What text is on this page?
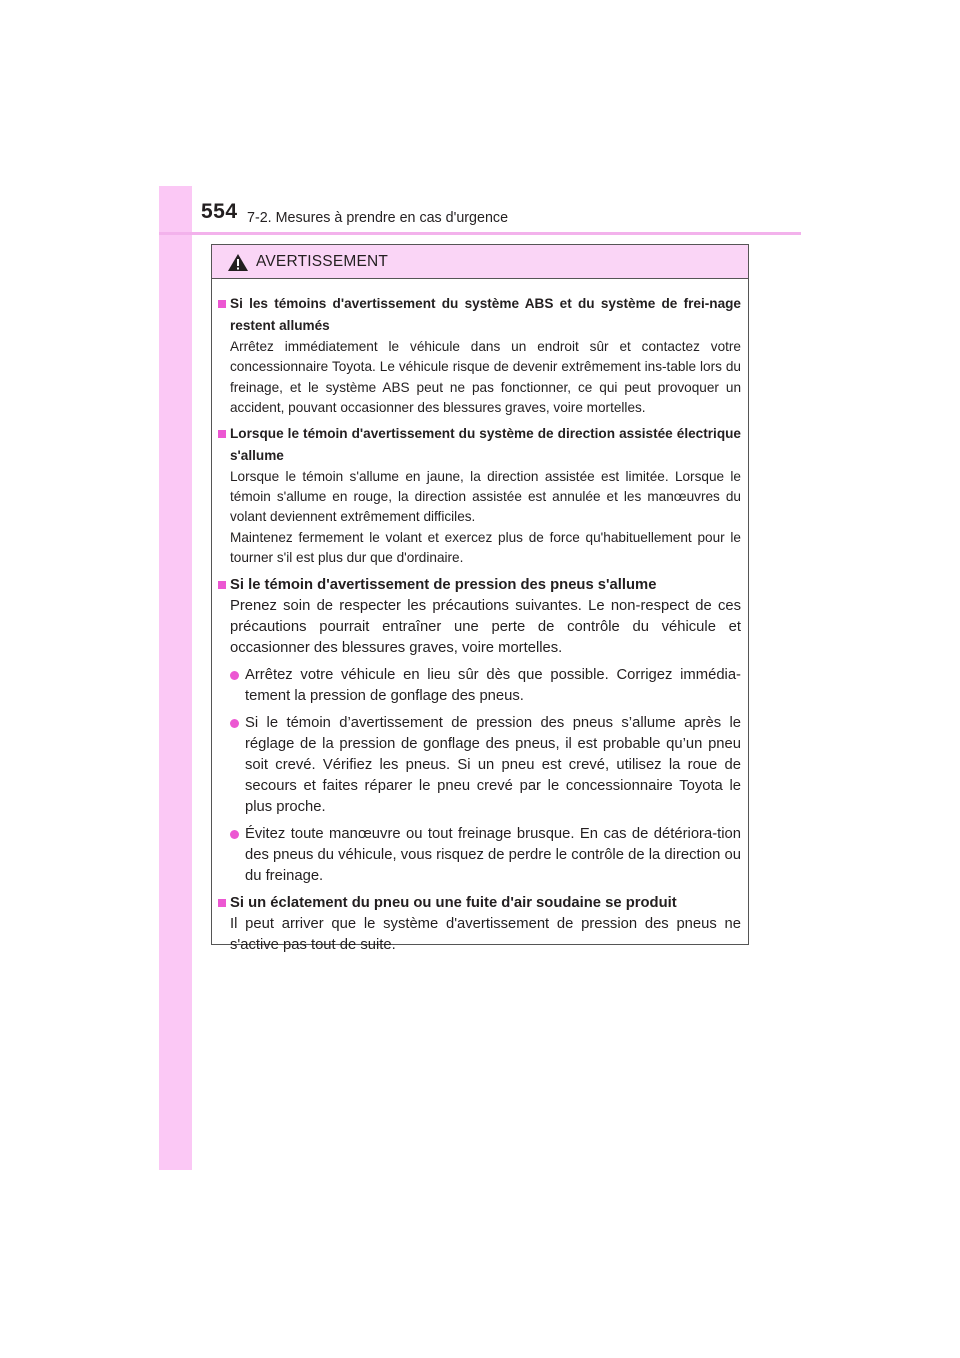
554 7-2. Mesures à prendre en cas d'urgence
AVERTISSEMENT
Si les témoins d'avertissement du système ABS et du système de frei-nage restent allumés

Arrêtez immédiatement le véhicule dans un endroit sûr et contactez votre concessionnaire Toyota. Le véhicule risque de devenir extrêmement ins-table lors du freinage, et le système ABS peut ne pas fonctionner, ce qui peut provoquer un accident, pouvant occasionner des blessures graves, voire mortelles.

Lorsque le témoin d'avertissement du système de direction assistée électrique s'allume

Lorsque le témoin s'allume en jaune, la direction assistée est limitée. Lorsque le témoin s'allume en rouge, la direction assistée est annulée et les manœuvres du volant deviennent extrêmement difficiles.

Maintenez fermement le volant et exercez plus de force qu'habituellement pour le tourner s'il est plus dur que d'ordinaire.

Si le témoin d'avertissement de pression des pneus s'allume

Prenez soin de respecter les précautions suivantes. Le non-respect de ces précautions pourrait entraîner une perte de contrôle du véhicule et occasionner des blessures graves, voire mortelles.

Arrêtez votre véhicule en lieu sûr dès que possible. Corrigez immédia-tement la pression de gonflage des pneus.
Si le témoin d’avertissement de pression des pneus s’allume après le réglage de la pression de gonflage des pneus, il est probable qu’un pneu soit crevé. Vérifiez les pneus. Si un pneu est crevé, utilisez la roue de secours et faites réparer le pneu crevé par le concessionnaire Toyota le plus proche.
Évitez toute manœuvre ou tout freinage brusque. En cas de détériora-tion des pneus du véhicule, vous risquez de perdre le contrôle de la direction ou du freinage.
Si un éclatement du pneu ou une fuite d'air soudaine se produit

Il peut arriver que le système d'avertissement de pression des pneus ne s'active pas tout de suite.
